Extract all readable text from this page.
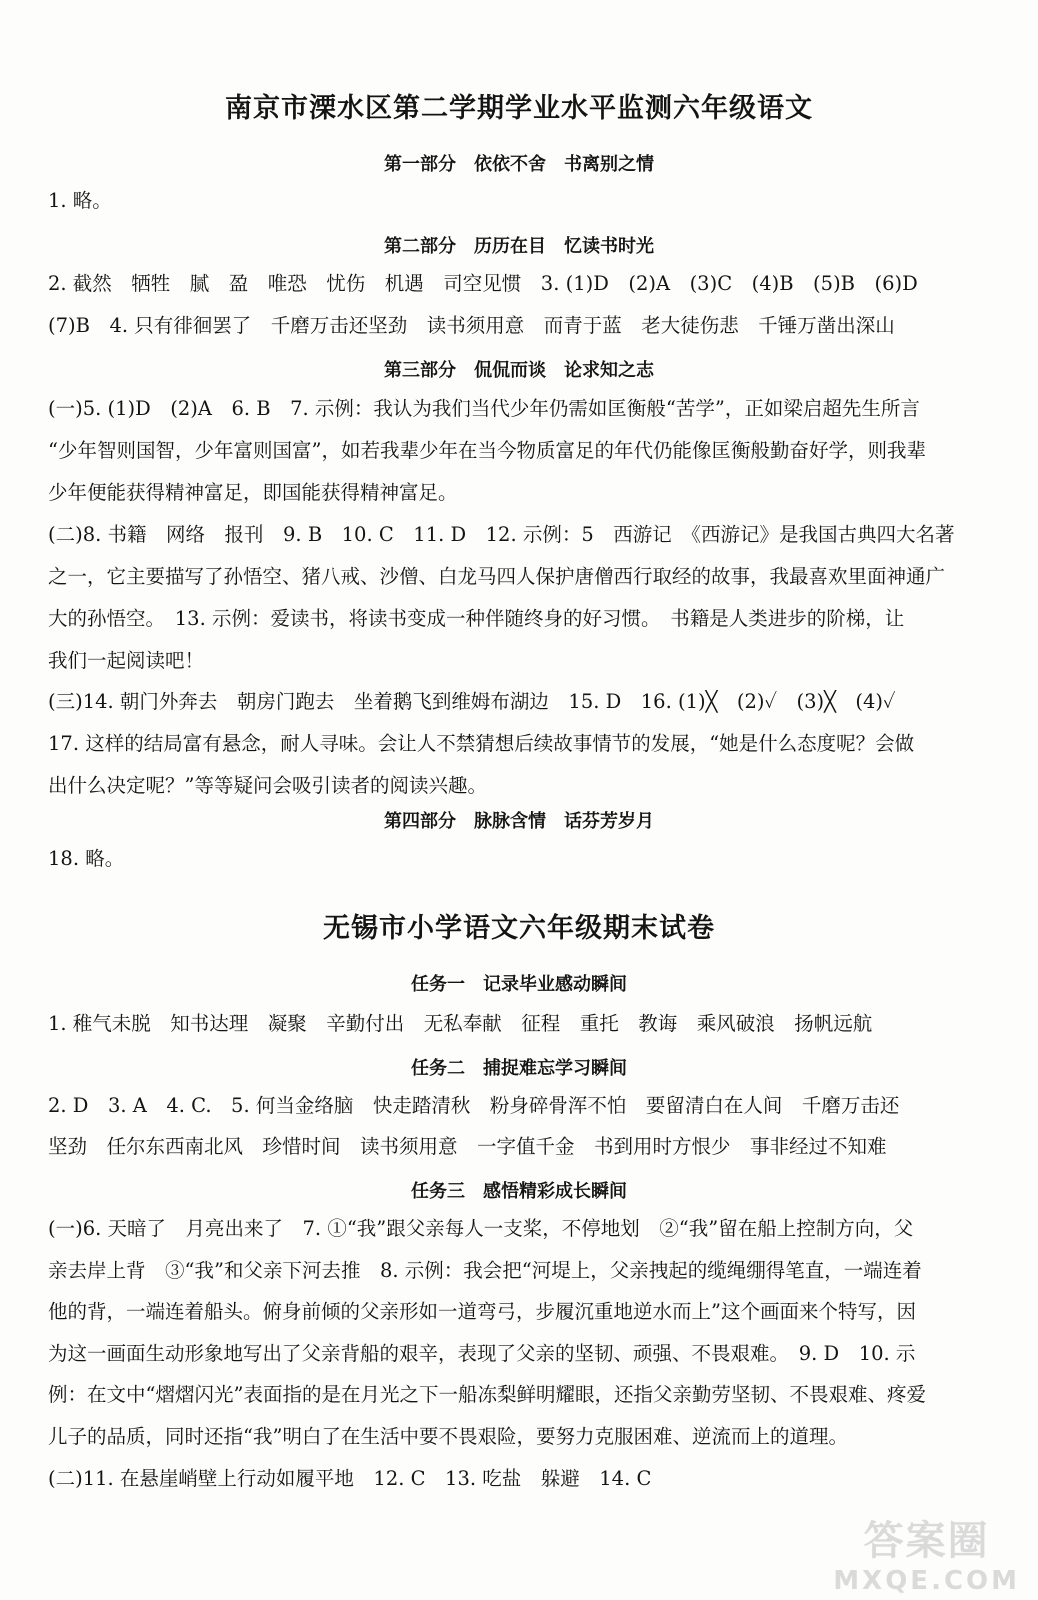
南京市溧水区第二学期学业水平监测六年级语文
第一部分　依依不舍　书离别之情

1. 略。

第二部分　历历在目　忆读书时光

2. 截然　牺牲　腻　盈　唯恐　忧伤　机遇　司空见惯　3. (1)D　(2)A　(3)C　(4)B　(5)B　(6)D

(7)B　4. 只有徘徊罢了　千磨万击还坚劲　读书须用意　而青于蓝　老大徒伤悲　千锤万凿出深山

第三部分　侃侃而谈　论求知之志

(一)5. (1)D　(2)A　6. B　7. 示例：我认为我们当代少年仍需如匡衡般“苦学”，正如梁启超先生所言

“少年智则国智，少年富则国富”，如若我辈少年在当今物质富足的年代仍能像匡衡般勤奋好学，则我辈

少年便能获得精神富足，即国能获得精神富足。

(二)8. 书籍　网络　报刊　9. B　10. C　11. D　12. 示例：5　西游记　《西游记》是我国古典四大名著

之一，它主要描写了孙悟空、猪八戒、沙僧、白龙马四人保护唐僧西行取经的故事，我最喜欢里面神通广

大的孙悟空。　13. 示例：爱读书，将读书变成一种伴随终身的好习惯。　书籍是人类进步的阶梯，让

我们一起阅读吧！

(三)14. 朝门外奔去　朝房门跑去　坐着鹅飞到维姆布湖边　15. D　16. (1)╳　(2)✓　(3)╳　(4)✓

17. 这样的结局富有悬念，耐人寻味。会让人不禁猜想后续故事情节的发展，“她是什么态度呢？会做

出什么决定呢？”等等疑问会吸引读者的阅读兴趣。

第四部分　脉脉含情　话芬芳岁月

18. 略。

无锡市小学语文六年级期末试卷
任务一　记录毕业感动瞬间

1. 稚气未脱　知书达理　凝聚　辛勤付出　无私奉献　征程　重托　教诲　乘风破浪　扬帆远航

任务二　捕捉难忘学习瞬间

2. D　3. A　4. C.　5. 何当金络脑　快走踏清秋　粉身碎骨浑不怕　要留清白在人间　千磨万击还

坚劲　任尔东西南北风　珍惜时间　读书须用意　一字值千金　书到用时方恨少　事非经过不知难

任务三　感悟精彩成长瞬间

(一)6. 天暗了　月亮出来了　7. ①“我”跟父亲每人一支桨，不停地划　②“我”留在船上控制方向，父

亲去岸上背　③“我”和父亲下河去推　8. 示例：我会把“河堤上，父亲拽起的缆绳绷得笔直，一端连着

他的背，一端连着船头。俯身前倾的父亲形如一道弯弓，步履沉重地逆水而上”这个画面来个特写，因

为这一画面生动形象地写出了父亲背船的艰辛，表现了父亲的坚韧、顽强、不畏艰难。　9. D　10. 示

例：在文中“熠熠闪光”表面指的是在月光之下一船冻梨鲜明耀眼，还指父亲勤劳坚韧、不畏艰难、疼爱

儿子的品质，同时还指“我”明白了在生活中要不畏艰险，要努力克服困难、逆流而上的道理。

(二)11. 在悬崖峭壁上行动如履平地　12. C　13. 吃盐　躲避　14. C

答案圈
MXQE.COM
